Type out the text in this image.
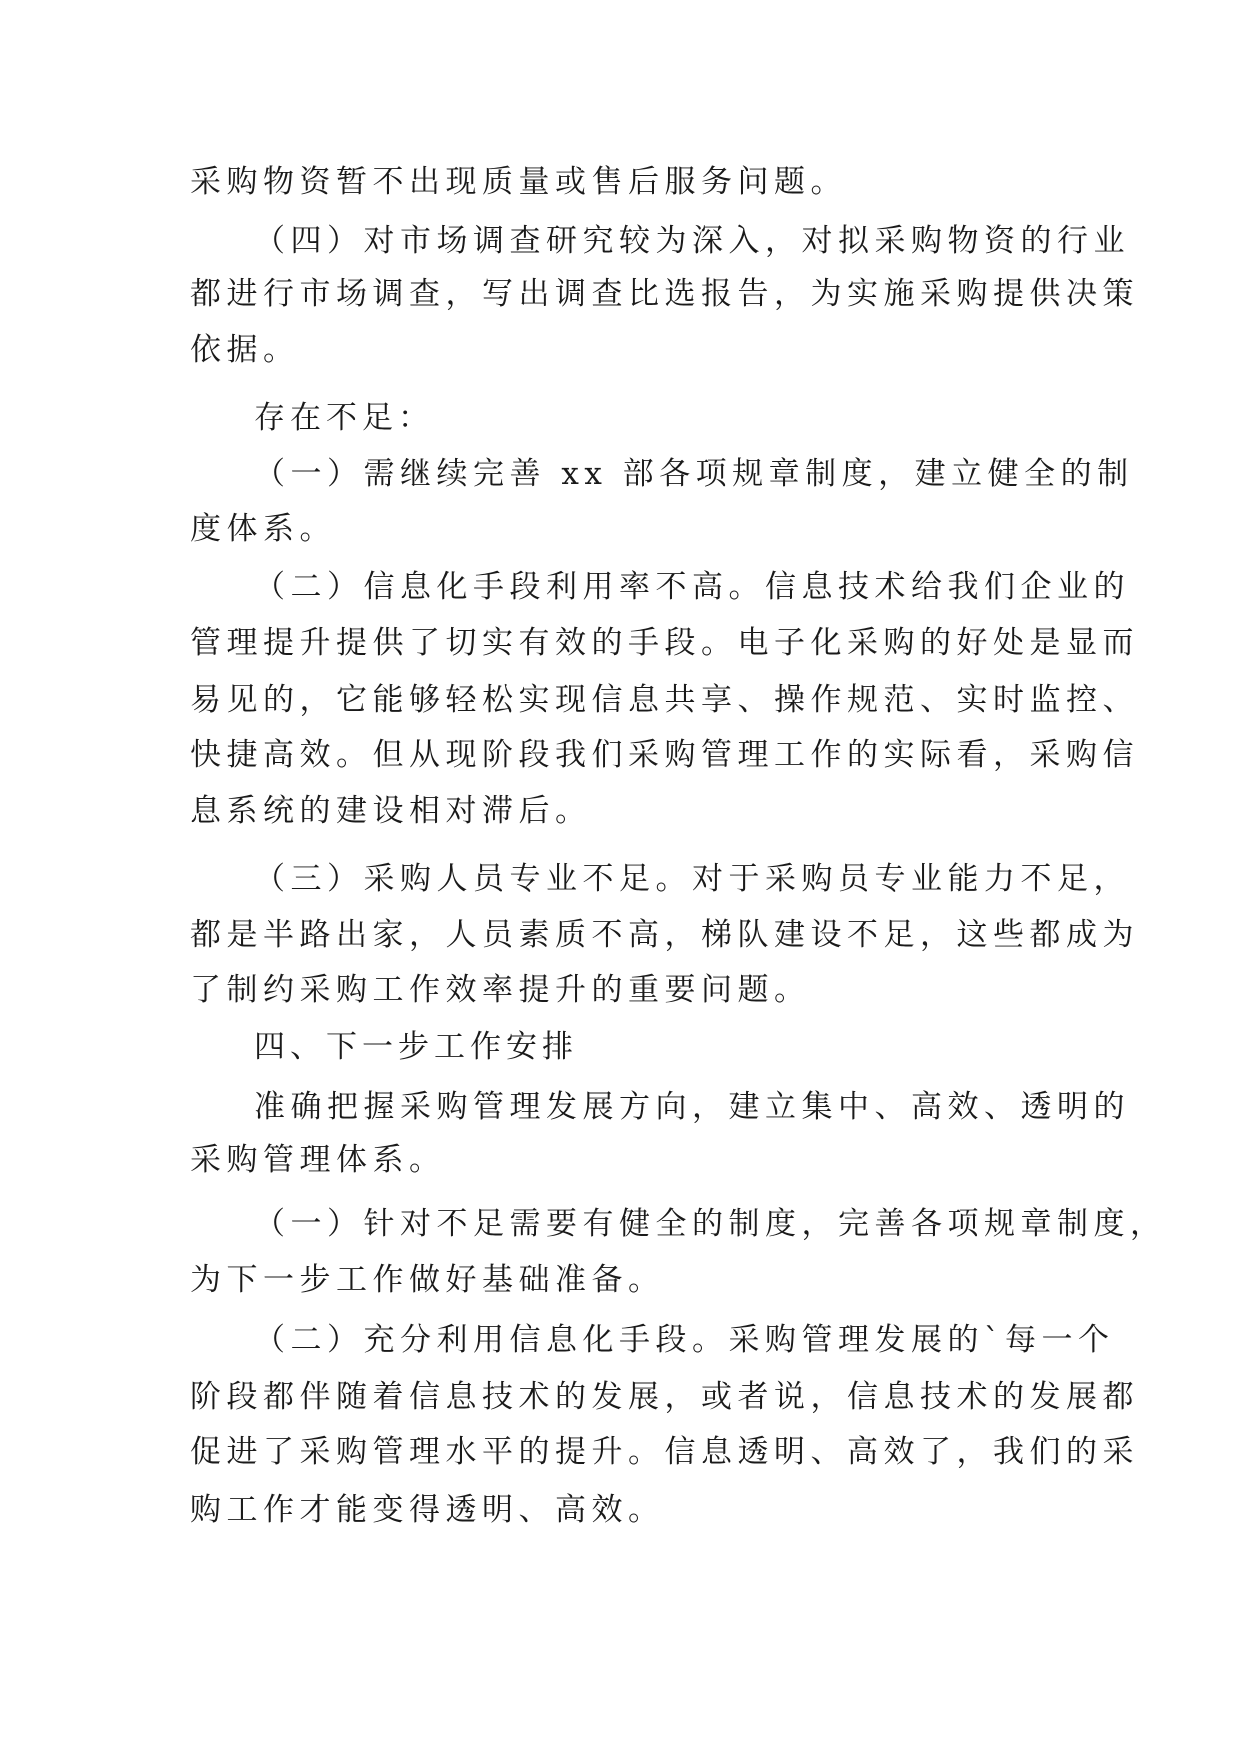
采购物资暂不出现质量或售后服务问题。
（四）对市场调查研究较为深入，对拟采购物资的行业
都进行市场调查，写出调查比选报告，为实施采购提供决策
依据。
存在不足：
（一）需继续完善 xx 部各项规章制度，建立健全的制
度体系。
（二）信息化手段利用率不高。信息技术给我们企业的
管理提升提供了切实有效的手段。电子化采购的好处是显而
易见的，它能够轻松实现信息共享、操作规范、实时监控、
快捷高效。但从现阶段我们采购管理工作的实际看，采购信
息系统的建设相对滞后。
（三）采购人员专业不足。对于采购员专业能力不足，
都是半路出家，人员素质不高，梯队建设不足，这些都成为
了制约采购工作效率提升的重要问题。
四、下一步工作安排
准确把握采购管理发展方向，建立集中、高效、透明的
采购管理体系。
（一）针对不足需要有健全的制度，完善各项规章制度，
为下一步工作做好基础准备。
（二）充分利用信息化手段。采购管理发展的`每一个
阶段都伴随着信息技术的发展，或者说，信息技术的发展都
促进了采购管理水平的提升。信息透明、高效了，我们的采
购工作才能变得透明、高效。
